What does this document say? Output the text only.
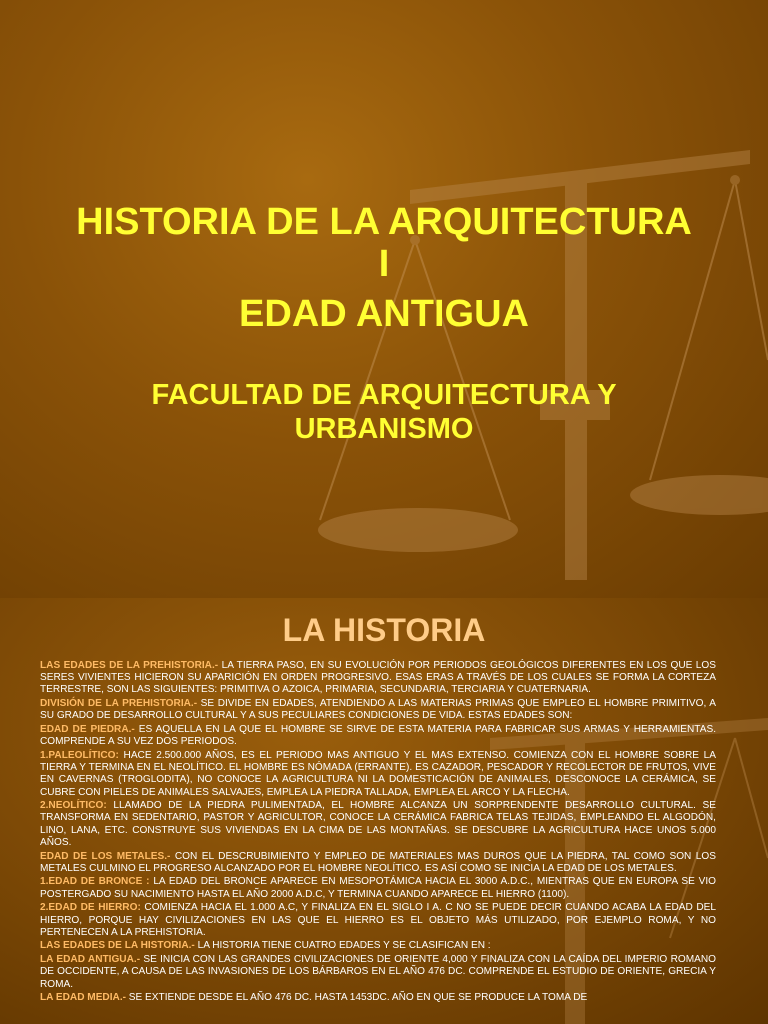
HISTORIA DE LA ARQUITECTURA
I
EDAD ANTIGUA
FACULTAD DE ARQUITECTURA Y URBANISMO
LA HISTORIA

LAS EDADES DE LA PREHISTORIA.- LA TIERRA PASO, EN SU EVOLUCIÓN POR PERIODOS GEOLÓGICOS DIFERENTES EN LOS QUE LOS SERES VIVIENTES HICIERON SU APARICIÓN EN ORDEN PROGRESIVO. ESAS ERAS A TRAVÉS DE LOS CUALES SE FORMA LA CORTEZA TERRESTRE, SON LAS SIGUIENTES: PRIMITIVA O AZOICA, PRIMARIA, SECUNDARIA, TERCIARIA Y CUATERNARIA.

DIVISIÓN DE LA PREHISTORIA.- SE DIVIDE EN EDADES, ATENDIENDO A LAS MATERIAS PRIMAS QUE EMPLEO EL HOMBRE PRIMITIVO, A SU GRADO DE DESARROLLO CULTURAL Y A SUS PECULIARES CONDICIONES DE VIDA. ESTAS EDADES SON:

EDAD DE PIEDRA.- ES AQUELLA EN LA QUE EL HOMBRE SE SIRVE DE ESTA MATERIA PARA FABRICAR SUS ARMAS Y HERRAMIENTAS. COMPRENDE A SU VEZ DOS PERIODOS.

1.PALEOLÍTICO: HACE 2.500.000 AÑOS, ES EL PERIODO MAS ANTIGUO Y EL MAS EXTENSO. COMIENZA CON EL HOMBRE SOBRE LA TIERRA Y TERMINA EN EL NEOLÍTICO. EL HOMBRE ES NÓMADA (ERRANTE). ES CAZADOR, PESCADOR Y RECOLECTOR DE FRUTOS, VIVE EN CAVERNAS (TROGLODITA), NO CONOCE LA AGRICULTURA NI LA DOMESTICACIÓN DE ANIMALES, DESCONOCE LA CERÁMICA, SE CUBRE CON PIELES DE ANIMALES SALVAJES, EMPLEA LA PIEDRA TALLADA, EMPLEA EL ARCO Y LA FLECHA.

2.NEOLÍTICO: LLAMADO DE LA PIEDRA PULIMENTADA, EL HOMBRE ALCANZA UN SORPRENDENTE DESARROLLO CULTURAL. SE TRANSFORMA EN SEDENTARIO, PASTOR Y AGRICULTOR, CONOCE LA CERÁMICA FABRICA TELAS TEJIDAS, EMPLEANDO EL ALGODÓN, LINO, LANA, ETC. CONSTRUYE SUS VIVIENDAS EN LA CIMA DE LAS MONTAÑAS. SE DESCUBRE LA AGRICULTURA HACE UNOS 5.000 AÑOS.

EDAD DE LOS METALES.- CON EL DESCRUBIMIENTO Y EMPLEO DE MATERIALES MAS DUROS QUE LA PIEDRA, TAL COMO SON LOS METALES CULMINO EL PROGRESO ALCANZADO POR EL HOMBRE NEOLÍTICO. ES ASÍ COMO SE INICIA LA EDAD DE LOS METALES.

1.EDAD DE BRONCE : LA EDAD DEL BRONCE APARECE EN MESOPOTÁMICA HACIA EL 3000 A.D.C., MIENTRAS QUE EN EUROPA SE VIO POSTERGADO SU NACIMIENTO HASTA EL AÑO 2000 A.D.C, Y TERMINA CUANDO APARECE EL HIERRO (1100).

2.EDAD DE HIERRO: COMIENZA HACIA EL 1.000 A.C, Y FINALIZA EN EL SIGLO I A. C NO SE PUEDE DECIR CUANDO ACABA LA EDAD DEL HIERRO, PORQUE HAY CIVILIZACIONES EN LAS QUE EL HIERRO ES EL OBJETO MÁS UTILIZADO, POR EJEMPLO ROMA, Y NO PERTENECEN A LA PREHISTORIA.

LAS EDADES DE LA HISTORIA.- LA HISTORIA TIENE CUATRO EDADES Y SE CLASIFICAN EN :

LA EDAD ANTIGUA.- SE INICIA CON LAS GRANDES CIVILIZACIONES DE ORIENTE 4,000 Y FINALIZA CON LA CAÍDA DEL IMPERIO ROMANO DE OCCIDENTE, A CAUSA DE LAS INVASIONES DE LOS BÁRBAROS EN EL AÑO 476 DC. COMPRENDE EL ESTUDIO DE ORIENTE, GRECIA Y ROMA.

LA EDAD MEDIA.- SE EXTIENDE DESDE EL AÑO 476 DC. HASTA 1453DC. AÑO EN QUE SE PRODUCE LA TOMA DE
